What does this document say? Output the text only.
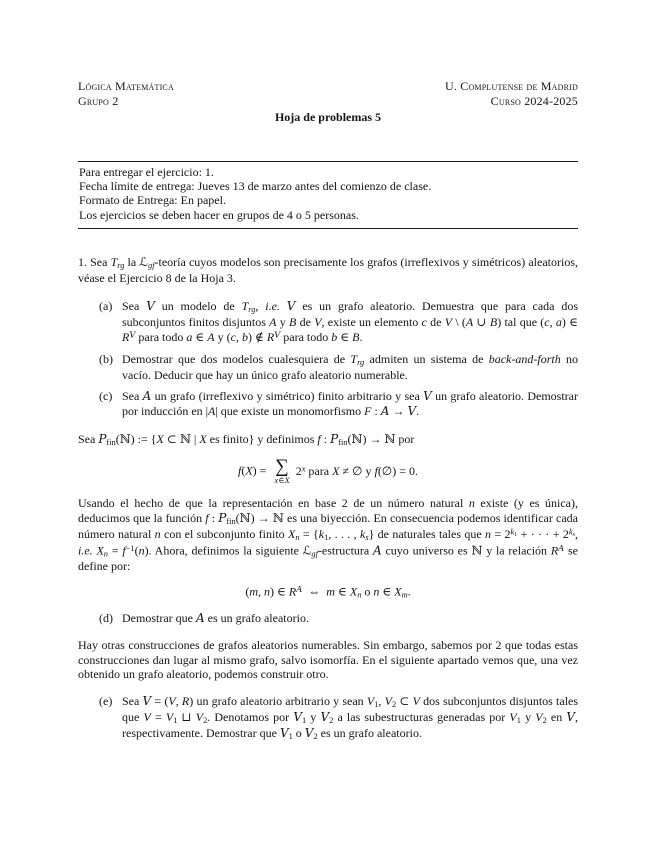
Lógica Matemática	U. Complutense de Madrid
Grupo 2	Curso 2024-2025
Hoja de problemas 5
Para entregar el ejercicio: 1.
Fecha límite de entrega: Jueves 13 de marzo antes del comienzo de clase.
Formato de Entrega: En papel.
Los ejercicios se deben hacer en grupos de 4 o 5 personas.

1. Sea $T_{rg}$ la ℒ$_{gf}$-teoría cuyos modelos son precisamente los grafos (irreflexivos y simétricos) aleatorios, véase el Ejercicio 8 de la Hoja 3.

(a) Sea V un modelo de $T_{rg}$, i.e. V es un grafo aleatorio. Demuestra que para cada dos subconjuntos finitos disjuntos A y B de V, existe un elemento c de V \ (A ∪ B) tal que (c, a) ∈ $R^V$ para todo a ∈ A y (c, b) ∉ $R^V$ para todo b ∈ B.
(b) Demostrar que dos modelos cualesquiera de $T_{rg}$ admiten un sistema de back-and-forth no vacío. Deducir que hay un único grafo aleatorio numerable.
(c) Sea A un grafo (irreflexivo y simétrico) finito arbitrario y sea V un grafo aleatorio. Demostrar por inducción en |A| que existe un monomorfismo F : A → V.

Sea $P_{fin}(ℕ)$ := {X ⊂ ℕ | X es finito} y definimos f : $P_{fin}(ℕ)$ → ℕ por

f(X) = ∑
x∈X
2$^x$ para X ≠ ∅ y f(∅) = 0.

Usando el hecho de que la representación en base 2 de un número natural n existe (y es única), deducimos que la función f : $P_{fin}(ℕ)$ → ℕ es una biyección. En consecuencia podemos identificar cada número natural n con el subconjunto finito $X_n = \{k_1$, . . . , $k_s$} de naturales tales que $n = 2^k1$ + · · · + $2^ks$, i.e. $X_n = f^{-1}(n)$. Ahora, definimos la siguiente ℒ$_{gf}$-estructura A cuyo universo es ℕ y la relación $R^A$ se define por:

(m, n) ∈ $R^A$  ⇔  m ∈ $X_n$ o n ∈ $X_m$.
(d) Demostrar que A es un grafo aleatorio.

Hay otras construcciones de grafos aleatorios numerables. Sin embargo, sabemos por 2 que todas estas construcciones dan lugar al mismo grafo, salvo isomorfía. En el siguiente apartado vemos que, una vez obtenido un grafo aleatorio, podemos construir otro.

(e) Sea V = (V, R) un grafo aleatorio arbitrario y sean $V_1$, $V_2$ ⊂ V dos subconjuntos disjuntos tales que $V = V_1$ ⊔ $V_2$. Denotamos por $V_1$ y $V_2$ a las subestructuras generadas por $V_1$ y $V_2$ en V, respectivamente. Demostrar que $V_1$ o $V_2$ es un grafo aleatorio.
